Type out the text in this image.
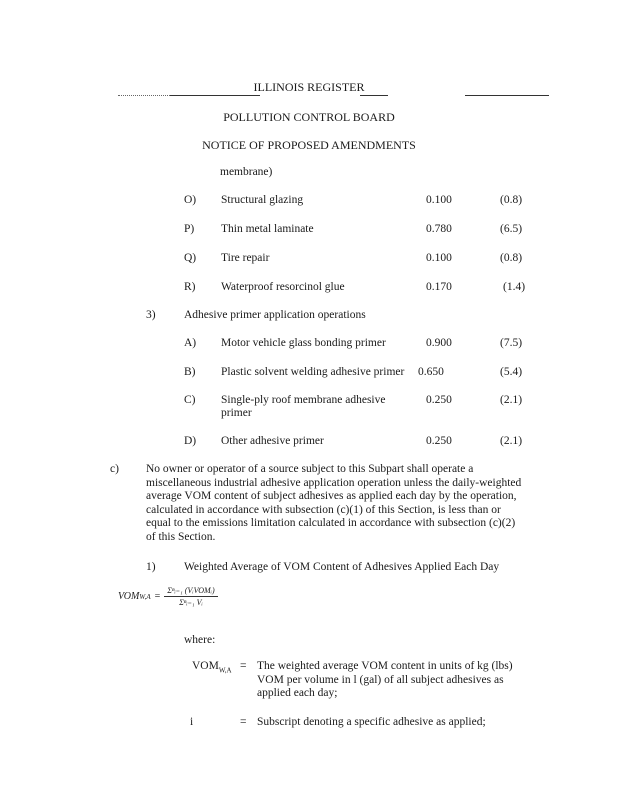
ILLINOIS REGISTER
POLLUTION CONTROL BOARD
NOTICE OF PROPOSED AMENDMENTS
membrane)
O) Structural glazing	0.100	(0.8)
P) Thin metal laminate	0.780	(6.5)
Q) Tire repair	0.100	(0.8)
R) Waterproof resorcinol glue	0.170	(1.4)
3) Adhesive primer application operations
A) Motor vehicle glass bonding primer	0.900	(7.5)
B) Plastic solvent welding adhesive primer 0.650	(5.4)
C) Single-ply roof membrane adhesive primer
0.250	(2.1)
D) Other adhesive primer	0.250	(2.1)
c) No owner or operator of a source subject to this Subpart shall operate a miscellaneous industrial adhesive application operation unless the daily-weighted average VOM content of subject adhesives as applied each day by the operation, calculated in accordance with subsection (c)(1) of this Section, is less than or equal to the emissions limitation calculated in accordance with subsection (c)(2) of this Section.
1) Weighted Average of VOM Content of Adhesives Applied Each Day
VOM $W,A = \frac{\text{Σⁿᵢ₌₁ (VᵢVOMᵢ)}}{\text{Σⁿᵢ₌₁ Vᵢ}}$
where:
$VOM_{W,A}$ = The weighted average VOM content in units of kg (lbs) VOM per volume in l (gal) of all subject adhesives as applied each day;
i	= Subscript denoting a specific adhesive as applied;
